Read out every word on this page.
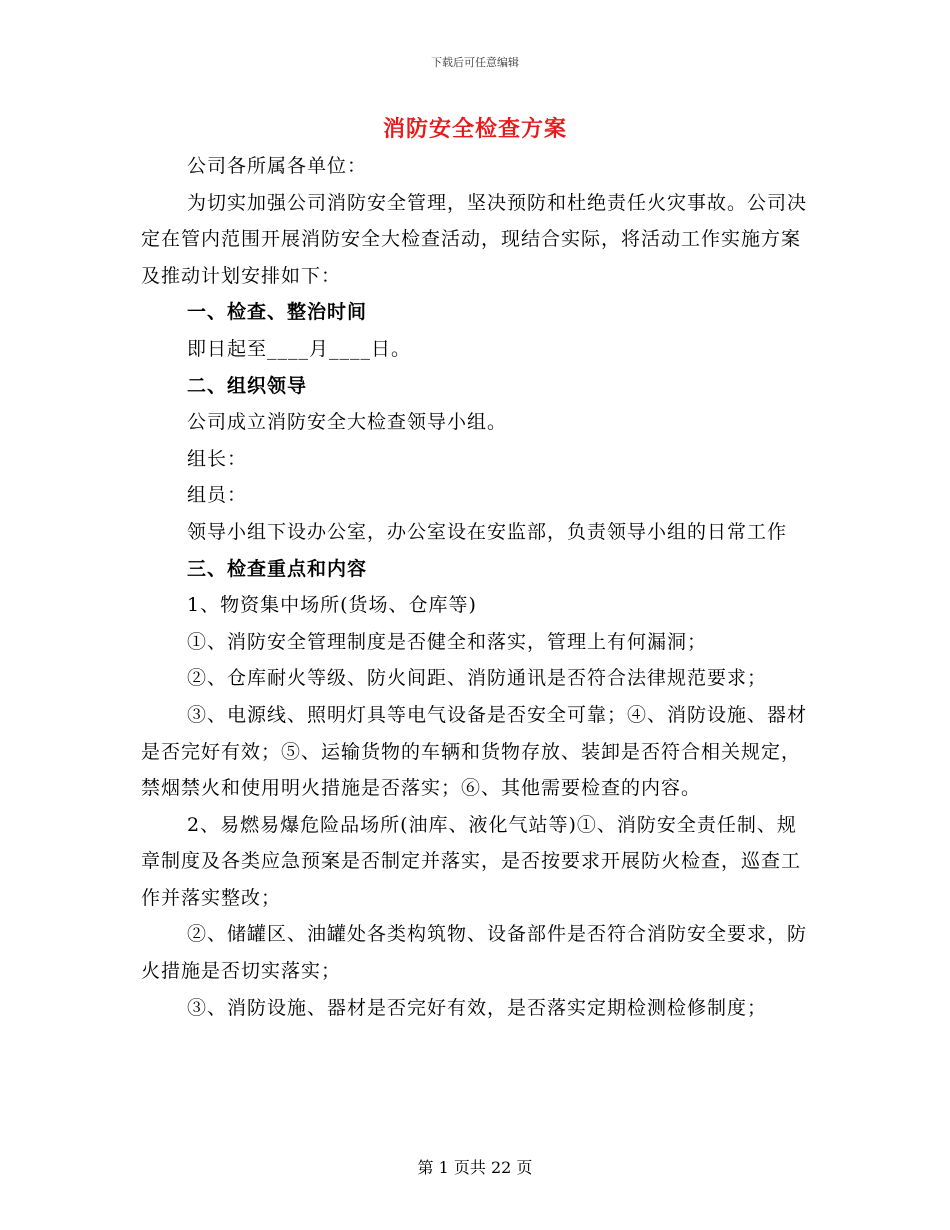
下载后可任意编辑
消防安全检查方案

公司各所属各单位：

为切实加强公司消防安全管理，坚决预防和杜绝责任火灾事故。公司决定在管内范围开展消防安全大检查活动，现结合实际，将活动工作实施方案及推动计划安排如下：

一、检查、整治时间

即日起至____月____日。

二、组织领导

公司成立消防安全大检查领导小组。

组长：

组员：

领导小组下设办公室，办公室设在安监部，负责领导小组的日常工作

三、检查重点和内容

1、物资集中场所(货场、仓库等)

①、消防安全管理制度是否健全和落实，管理上有何漏洞；

②、仓库耐火等级、防火间距、消防通讯是否符合法律规范要求；

③、电源线、照明灯具等电气设备是否安全可靠；④、消防设施、器材是否完好有效；⑤、运输货物的车辆和货物存放、装卸是否符合相关规定，禁烟禁火和使用明火措施是否落实；⑥、其他需要检查的内容。

2、易燃易爆危险品场所(油库、液化气站等)①、消防安全责任制、规章制度及各类应急预案是否制定并落实，是否按要求开展防火检查，巡查工作并落实整改；

②、储罐区、油罐处各类构筑物、设备部件是否符合消防安全要求，防火措施是否切实落实；

③、消防设施、器材是否完好有效，是否落实定期检测检修制度；

第 1 页共 22 页
